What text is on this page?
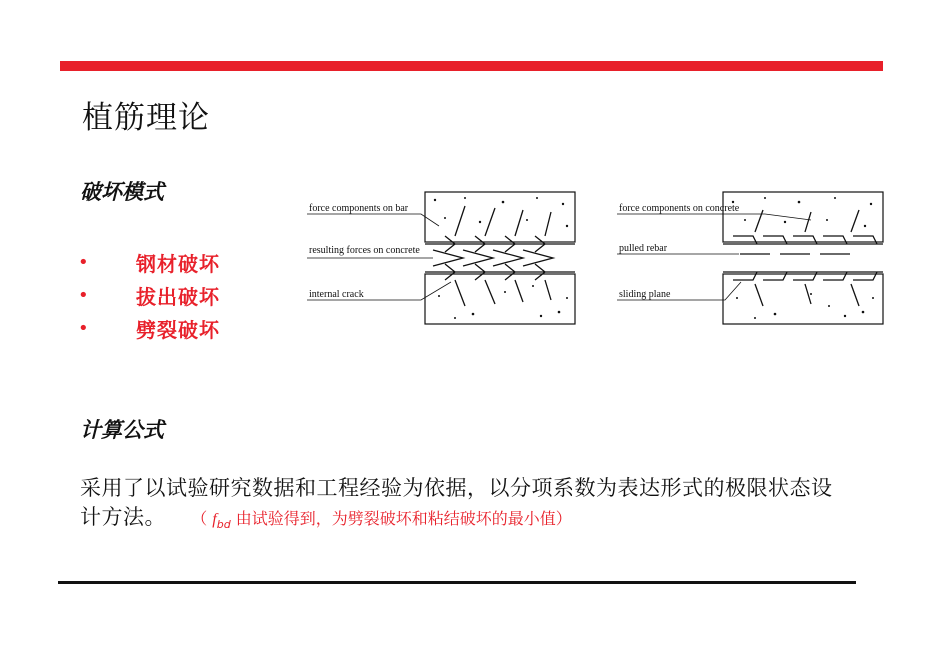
植筋理论
破坏模式
•	钢材破坏
•	拔出破坏
•	劈裂破坏
force components on bar
resulting forces on concrete
internal crack
force components on concrete
pulled rebar
sliding plane
计算公式
采用了以试验研究数据和工程经验为依据，以分项系数为表达形式的极限状态设计方法。 （ $f_{bd}$ 由试验得到，为劈裂破坏和粘结破坏的最小值）
